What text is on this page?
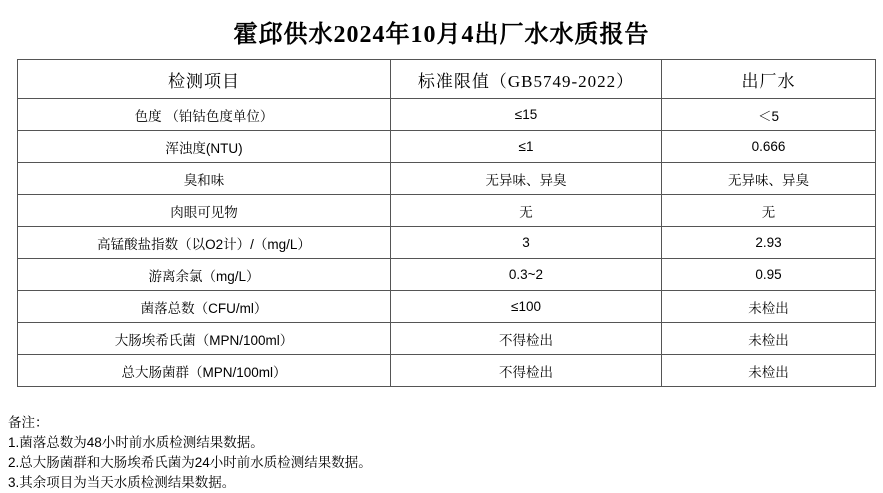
霍邱供水2024年10月4出厂水水质报告
检测项目	标准限值（GB5749-2022）	出厂水
色度 （铂钴色度单位）	≤15	＜5
浑浊度(NTU)	≤1	0.666
臭和味	无异味、异臭	无异味、异臭
肉眼可见物	无	无
高锰酸盐指数（以O2计）/（mg/L）	3	2.93
游离余氯（mg/L）	0.3~2	0.95
菌落总数（CFU/ml）	≤100	未检出
大肠埃希氏菌（MPN/100ml）	不得检出	未检出
总大肠菌群（MPN/100ml）	不得检出	未检出
备注：
1.菌落总数为48小时前水质检测结果数据。
2.总大肠菌群和大肠埃希氏菌为24小时前水质检测结果数据。
3.其余项目为当天水质检测结果数据。
